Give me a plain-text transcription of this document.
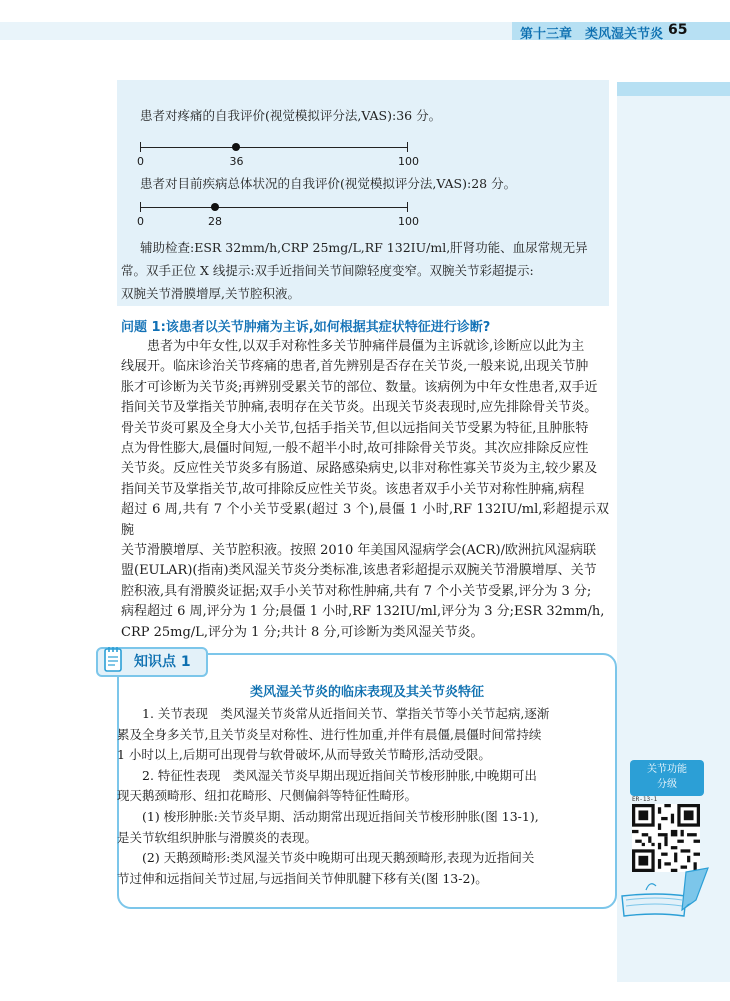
第十三章　类风湿关节炎 65
患者对疼痛的自我评价(视觉模拟评分法,VAS):36 分。
0	36	100
患者对目前疾病总体状况的自我评价(视觉模拟评分法,VAS):28 分。
0	28	100
辅助检查:ESR 32mm/h,CRP 25mg/L,RF 132IU/ml,肝肾功能、血尿常规无异
常。双手正位 X 线提示:双手近指间关节间隙轻度变窄。双腕关节彩超提示:
双腕关节滑膜增厚,关节腔积液。
问题 1:该患者以关节肿痛为主诉,如何根据其症状特征进行诊断?
患者为中年女性,以双手对称性多关节肿痛伴晨僵为主诉就诊,诊断应以此为主
线展开。临床诊治关节疼痛的患者,首先辨别是否存在关节炎,一般来说,出现关节肿
胀才可诊断为关节炎;再辨别受累关节的部位、数量。该病例为中年女性患者,双手近
指间关节及掌指关节肿痛,表明存在关节炎。出现关节炎表现时,应先排除骨关节炎。
骨关节炎可累及全身大小关节,包括手指关节,但以远指间关节受累为特征,且肿胀特
点为骨性膨大,晨僵时间短,一般不超半小时,故可排除骨关节炎。其次应排除反应性
关节炎。反应性关节炎多有肠道、尿路感染病史,以非对称性寡关节炎为主,较少累及
指间关节及掌指关节,故可排除反应性关节炎。该患者双手小关节对称性肿痛,病程
超过 6 周,共有 7 个小关节受累(超过 3 个),晨僵 1 小时,RF 132IU/ml,彩超提示双腕
关节滑膜增厚、关节腔积液。按照 2010 年美国风湿病学会(ACR)/欧洲抗风湿病联
盟(EULAR)(指南)类风湿关节炎分类标准,该患者彩超提示双腕关节滑膜增厚、关节
腔积液,具有滑膜炎证据;双手小关节对称性肿痛,共有 7 个小关节受累,评分为 3 分;
病程超过 6 周,评分为 1 分;晨僵 1 小时,RF 132IU/ml,评分为 3 分;ESR 32mm/h,
CRP 25mg/L,评分为 1 分;共计 8 分,可诊断为类风湿关节炎。
知识点 1
类风湿关节炎的临床表现及其关节炎特征
1. 关节表现　类风湿关节炎常从近指间关节、掌指关节等小关节起病,逐渐
累及全身多关节,且关节炎呈对称性、进行性加重,并伴有晨僵,晨僵时间常持续
1 小时以上,后期可出现骨与软骨破坏,从而导致关节畸形,活动受限。
2. 特征性表现　类风湿关节炎早期出现近指间关节梭形肿胀,中晚期可出
现天鹅颈畸形、纽扣花畸形、尺侧偏斜等特征性畸形。
(1) 梭形肿胀:关节炎早期、活动期常出现近指间关节梭形肿胀(图 13-1),
是关节软组织肿胀与滑膜炎的表现。
(2) 天鹅颈畸形:类风湿关节炎中晚期可出现天鹅颈畸形,表现为近指间关
节过伸和远指间关节过屈,与远指间关节伸肌腱下移有关(图 13-2)。
关节功能
分级
ER-13-1
